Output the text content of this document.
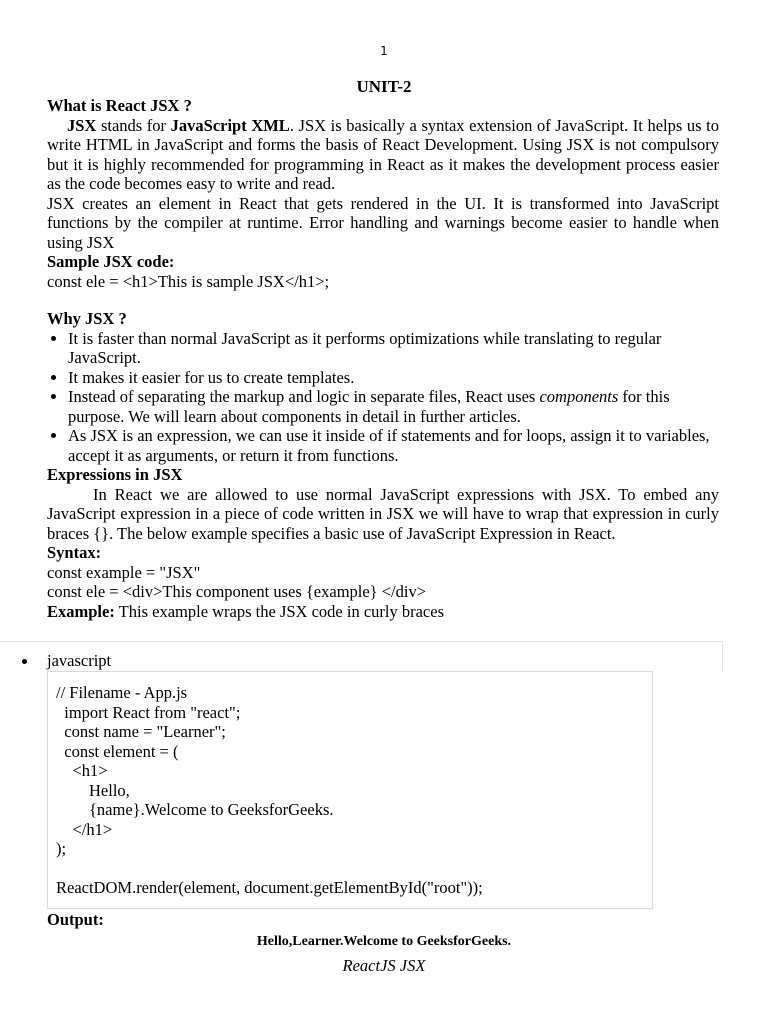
1
UNIT-2

What is React JSX ?

JSX stands for JavaScript XML. JSX is basically a syntax extension of JavaScript. It helps us to write HTML in JavaScript and forms the basis of React Development. Using JSX is not compulsory but it is highly recommended for programming in React as it makes the development process easier as the code becomes easy to write and read.

JSX creates an element in React that gets rendered in the UI. It is transformed into JavaScript functions by the compiler at runtime. Error handling and warnings become easier to handle when using JSX

Sample JSX code:

const ele = <h1>This is sample JSX</h1>;

Why JSX ?

• It is faster than normal JavaScript as it performs optimizations while translating to regular JavaScript.
• It makes it easier for us to create templates.
• Instead of separating the markup and logic in separate files, React uses components for this purpose. We will learn about components in detail in further articles.
• As JSX is an expression, we can use it inside of if statements and for loops, assign it to variables, accept it as arguments, or return it from functions.

Expressions in JSX

In React we are allowed to use normal JavaScript expressions with JSX. To embed any JavaScript expression in a piece of code written in JSX we will have to wrap that expression in curly braces {}. The below example specifies a basic use of JavaScript Expression in React.

Syntax:

const example = "JSX"

const ele = <div>This component uses {example} </div>

Example: This example wraps the JSX code in curly braces

javascript
// Filename - App.js
import React from "react";
const name = "Learner";
const element = (
<h1>
Hello,
{name}.Welcome to GeeksforGeeks.
</h1>
);

ReactDOM.render(element, document.getElementById("root"));
Output:
Hello,Learner.Welcome to GeeksforGeeks.
ReactJS JSX
